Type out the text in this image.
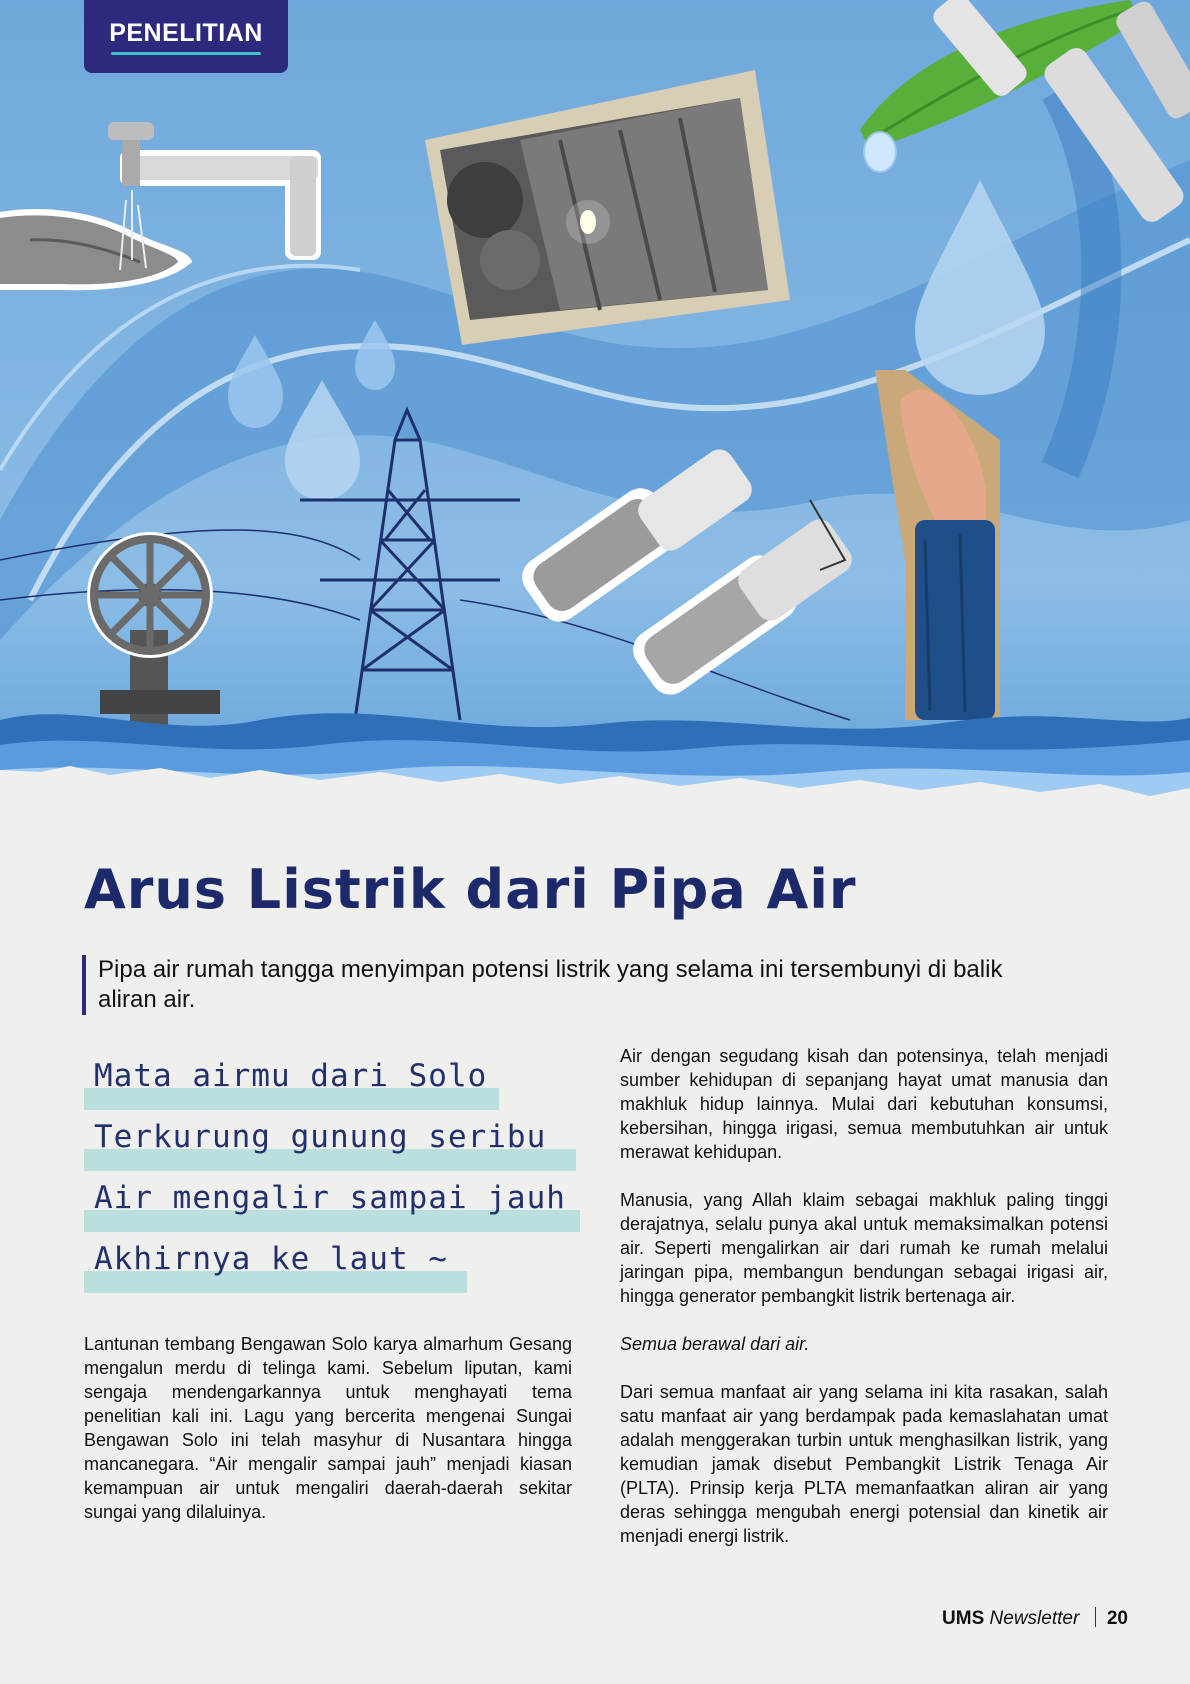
PENELITIAN
Arus Listrik dari Pipa Air
Pipa air rumah tangga menyimpan potensi listrik yang selama ini tersembunyi di balik aliran air.
Mata airmu dari Solo
Terkurung gunung seribu
Air mengalir sampai jauh
Akhirnya ke laut ~

Lantunan tembang Bengawan Solo karya almarhum Gesang mengalun merdu di telinga kami. Sebelum liputan, kami sengaja mendengarkannya untuk menghayati tema penelitian kali ini. Lagu yang bercerita mengenai Sungai Bengawan Solo ini telah masyhur di Nusantara hingga mancanegara. “Air mengalir sampai jauh” menjadi kiasan kemampuan air untuk mengaliri daerah-daerah sekitar sungai yang dilaluinya.

Air dengan segudang kisah dan potensinya, telah menjadi sumber kehidupan di sepanjang hayat umat manusia dan makhluk hidup lainnya. Mulai dari kebutuhan konsumsi, kebersihan, hingga irigasi, semua membutuhkan air untuk merawat kehidupan.

Manusia, yang Allah klaim sebagai makhluk paling tinggi derajatnya, selalu punya akal untuk memaksimalkan potensi air. Seperti mengalirkan air dari rumah ke rumah melalui jaringan pipa, membangun bendungan sebagai irigasi air, hingga generator pembangkit listrik bertenaga air.

Semua berawal dari air.

Dari semua manfaat air yang selama ini kita rasakan, salah satu manfaat air yang berdampak pada kemaslahatan umat adalah menggerakan turbin untuk menghasilkan listrik, yang kemudian jamak disebut Pembangkit Listrik Tenaga Air (PLTA). Prinsip kerja PLTA memanfaatkan aliran air yang deras sehingga mengubah energi potensial dan kinetik air menjadi energi listrik.

UMS Newsletter 20
